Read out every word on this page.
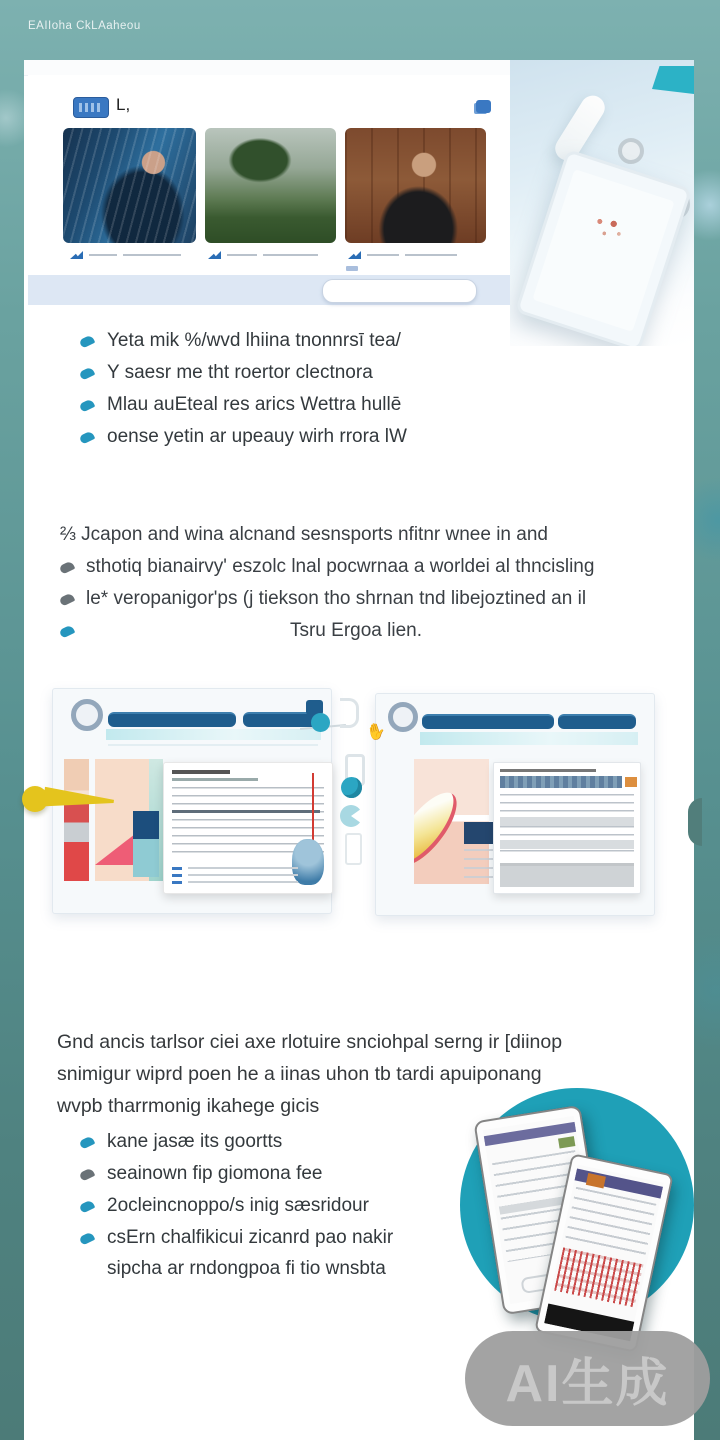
EAIIoha CkLAaheou
L,
Yeta mik %/wvd lhiina tnonnrsī tea/
Y saesr me tht roertor clectnora
Mlau auEteal res arics Wettra hullē
oense yetin ar upeauy wirh rrora lW
⅔ Jcapon and wina alcnand sesnsports nfitnr wnee in and
sthotiq bianairvy' eszolc lnal pocwrnaa a worldei al thncisling
le* veropanigor'ps (j tiekson tho shrnan tnd libejoztined an il
Tsru Ergoa lien.
✋
Gnd ancis tarlsor ciei axe rlotuire snciohpal serng ir [diinop
snimigur wiprd poen he a iinas uhon tb tardi apuiponang
wvpb tharrmonig ikahege gicis
kane jasæ its goortts
seainown fip giomona fee
2ocleincnoppo/s inig sæsridour
csErn chalfikicui zicanrd pao nakir
sipcha ar rndongpoa fi tio wnsbta
AI生成
